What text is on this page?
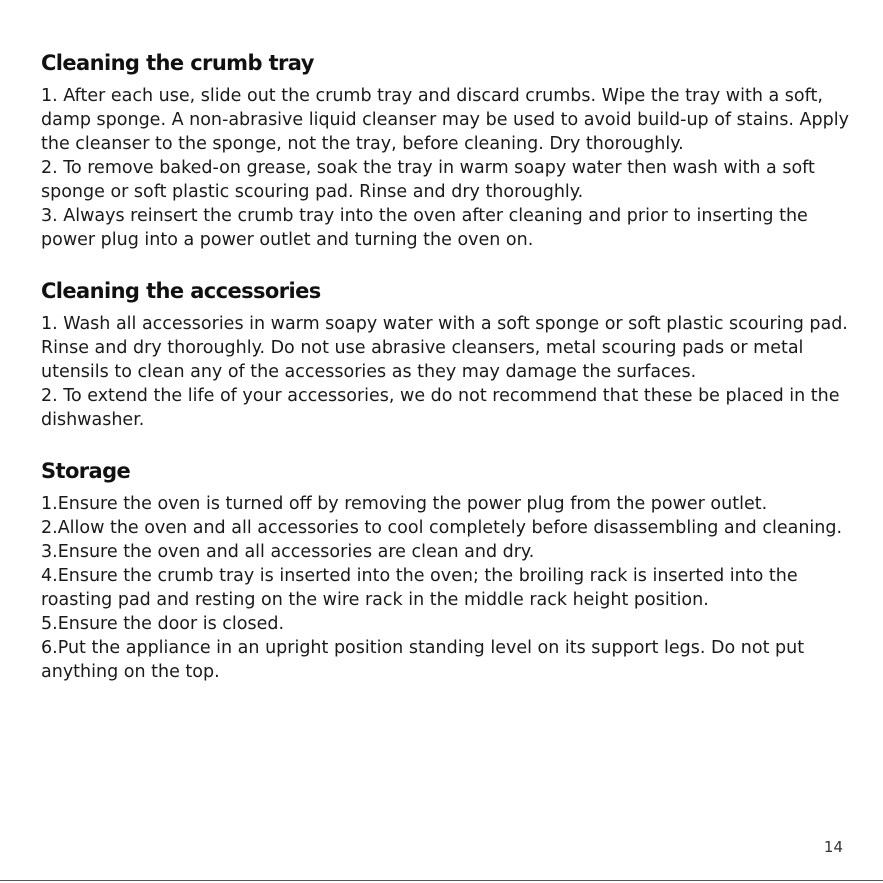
Cleaning the crumb tray

1. After each use, slide out the crumb tray and discard crumbs. Wipe the tray with a soft, damp sponge. A non-abrasive liquid cleanser may be used to avoid build-up of stains. Apply the cleanser to the sponge, not the tray, before cleaning. Dry thoroughly.

2. To remove baked-on grease, soak the tray in warm soapy water then wash with a soft sponge or soft plastic scouring pad. Rinse and dry thoroughly.

3. Always reinsert the crumb tray into the oven after cleaning and prior to inserting the power plug into a power outlet and turning the oven on.

Cleaning the accessories

1. Wash all accessories in warm soapy water with a soft sponge or soft plastic scouring pad. Rinse and dry thoroughly. Do not use abrasive cleansers, metal scouring pads or metal utensils to clean any of the accessories as they may damage the surfaces.

2. To extend the life of your accessories, we do not recommend that these be placed in the dishwasher.

Storage

1.Ensure the oven is turned off by removing the power plug from the power outlet.

2.Allow the oven and all accessories to cool completely before disassembling and cleaning.

3.Ensure the oven and all accessories are clean and dry.

4.Ensure the crumb tray is inserted into the oven; the broiling rack is inserted into the roasting pad and resting on the wire rack in the middle rack height position.

5.Ensure the door is closed.

6.Put the appliance in an upright position standing level on its support legs. Do not put anything on the top.

14
